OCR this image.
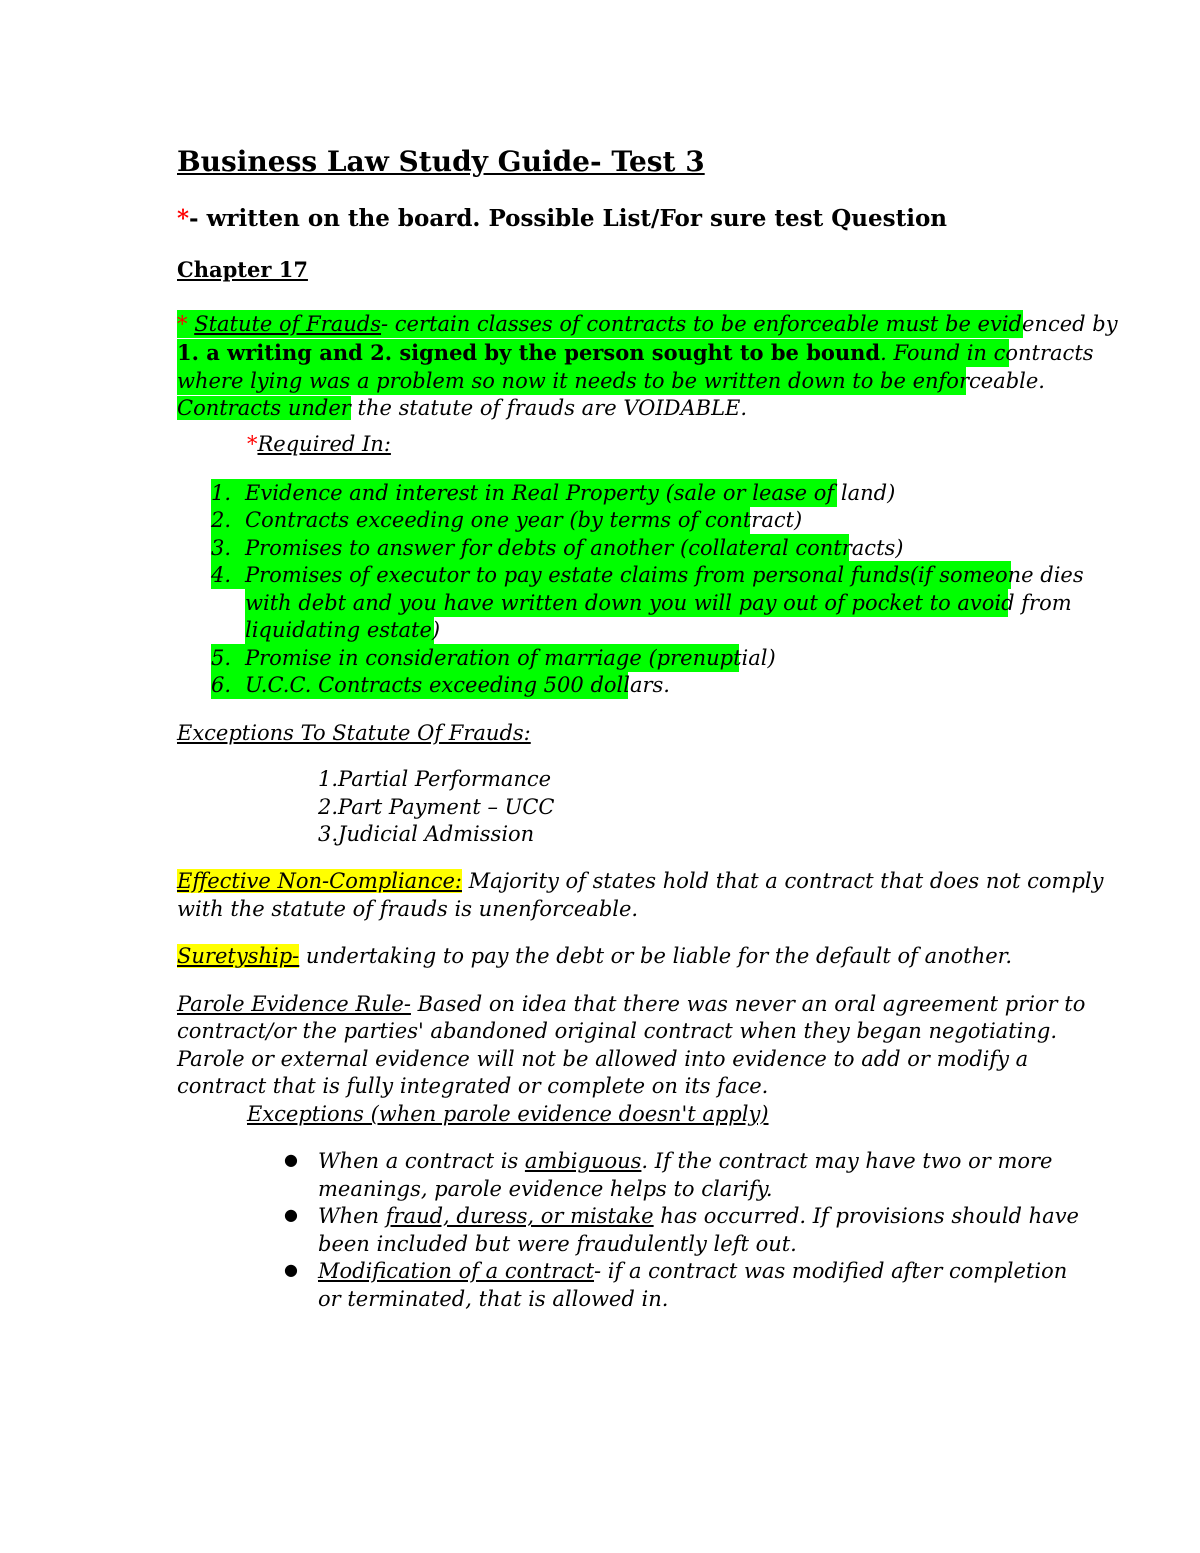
Business Law Study Guide- Test 3
*- written on the board. Possible List/For sure test Question
Chapter 17
* Statute of Frauds- certain classes of contracts to be enforceable must be evidenced by
1. a writing and 2. signed by the person sought to be bound. Found in contracts
where lying was a problem so now it needs to be written down to be enforceable.
Contracts under the statute of frauds are VOIDABLE.
*Required In:
1. Evidence and interest in Real Property (sale or lease of land)
2. Contracts exceeding one year (by terms of contract)
3. Promises to answer for debts of another (collateral contracts)
4. Promises of executor to pay estate claims from personal funds(if someone dies
with debt and you have written down you will pay out of pocket to avoid from
liquidating estate)
5. Promise in consideration of marriage (prenuptial)
6. U.C.C. Contracts exceeding 500 dollars.
Exceptions To Statute Of Frauds:
1.Partial Performance
2.Part Payment – UCC
3.Judicial Admission
Effective Non-Compliance: Majority of states hold that a contract that does not comply
with the statute of frauds is unenforceable.
Suretyship- undertaking to pay the debt or be liable for the default of another.
Parole Evidence Rule- Based on idea that there was never an oral agreement prior to
contract/or the parties' abandoned original contract when they began negotiating.
Parole or external evidence will not be allowed into evidence to add or modify a
contract that is fully integrated or complete on its face.
Exceptions (when parole evidence doesn't apply)
● When a contract is ambiguous. If the contract may have two or more
meanings, parole evidence helps to clarify.
● When fraud, duress, or mistake has occurred. If provisions should have
been included but were fraudulently left out.
● Modification of a contract- if a contract was modified after completion
or terminated, that is allowed in.
